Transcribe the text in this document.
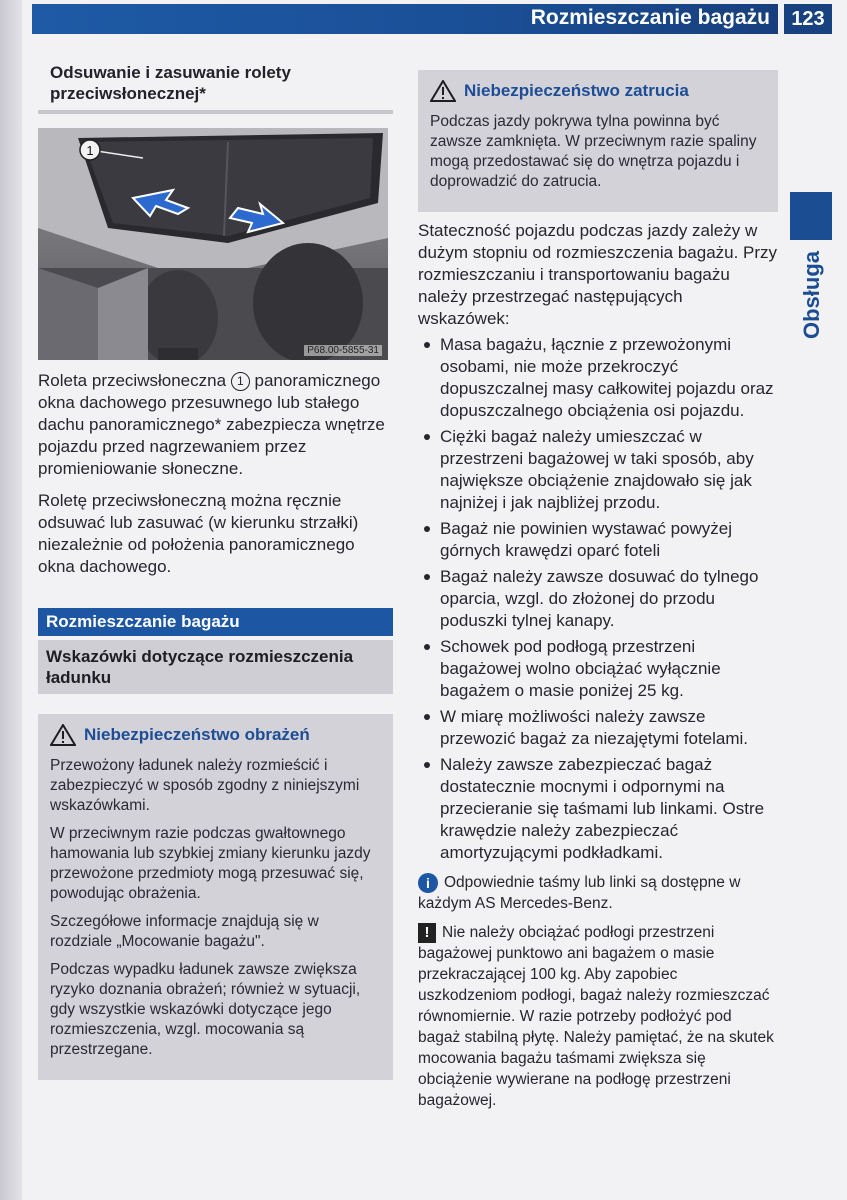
Rozmieszczanie bagażu	123
Obsługa
Odsuwanie i zasuwanie rolety przeciwsłonecznej*
1
P68.00-5855-31

Roleta przeciwsłoneczna 1 panoramicznego okna dachowego przesuwnego lub stałego dachu panoramicznego* zabezpiecza wnętrze pojazdu przed nagrzewaniem przez promieniowanie słoneczne.

Roletę przeciwsłoneczną można ręcznie odsuwać lub zasuwać (w kierunku strzałki) niezależnie od położenia panoramicznego okna dachowego.

Rozmieszczanie bagażu
Wskazówki dotyczące rozmieszczenia ładunku
Niebezpieczeństwo obrażeń

Przewożony ładunek należy rozmieścić i zabezpieczyć w sposób zgodny z niniejszymi wskazówkami.

W przeciwnym razie podczas gwałtownego hamowania lub szybkiej zmiany kierunku jazdy przewożone przedmioty mogą przesuwać się, powodując obrażenia.

Szczegółowe informacje znajdują się w rozdziale „Mocowanie bagażu".

Podczas wypadku ładunek zawsze zwiększa ryzyko doznania obrażeń; również w sytuacji, gdy wszystkie wskazówki dotyczące jego rozmieszczenia, wzgl. mocowania są przestrzegane.

Niebezpieczeństwo zatrucia

Podczas jazdy pokrywa tylna powinna być zawsze zamknięta. W przeciwnym razie spaliny mogą przedostawać się do wnętrza pojazdu i doprowadzić do zatrucia.

Stateczność pojazdu podczas jazdy zależy w dużym stopniu od rozmieszczenia bagażu. Przy rozmieszczaniu i transportowaniu bagażu należy przestrzegać następujących wskazówek:

Masa bagażu, łącznie z przewożonymi osobami, nie może przekroczyć dopuszczalnej masy całkowitej pojazdu oraz dopuszczalnego obciążenia osi pojazdu.
Ciężki bagaż należy umieszczać w przestrzeni bagażowej w taki sposób, aby największe obciążenie znajdowało się jak najniżej i jak najbliżej przodu.
Bagaż nie powinien wystawać powyżej górnych krawędzi oparć foteli
Bagaż należy zawsze dosuwać do tylnego oparcia, wzgl. do złożonej do przodu poduszki tylnej kanapy.
Schowek pod podłogą przestrzeni bagażowej wolno obciążać wyłącznie bagażem o masie poniżej 25 kg.
W miarę możliwości należy zawsze przewozić bagaż za niezajętymi fotelami.
Należy zawsze zabezpieczać bagaż dostatecznie mocnymi i odpornymi na przecieranie się taśmami lub linkami. Ostre krawędzie należy zabezpieczać amortyzującymi podkładkami.
i Odpowiednie taśmy lub linki są dostępne w każdym AS Mercedes-Benz.
! Nie należy obciążać podłogi przestrzeni bagażowej punktowo ani bagażem o masie przekraczającej 100 kg. Aby zapobiec uszkodzeniom podłogi, bagaż należy rozmieszczać równomiernie. W razie potrzeby podłożyć pod bagaż stabilną płytę. Należy pamiętać, że na skutek mocowania bagażu taśmami zwiększa się obciążenie wywierane na podłogę przestrzeni bagażowej.
